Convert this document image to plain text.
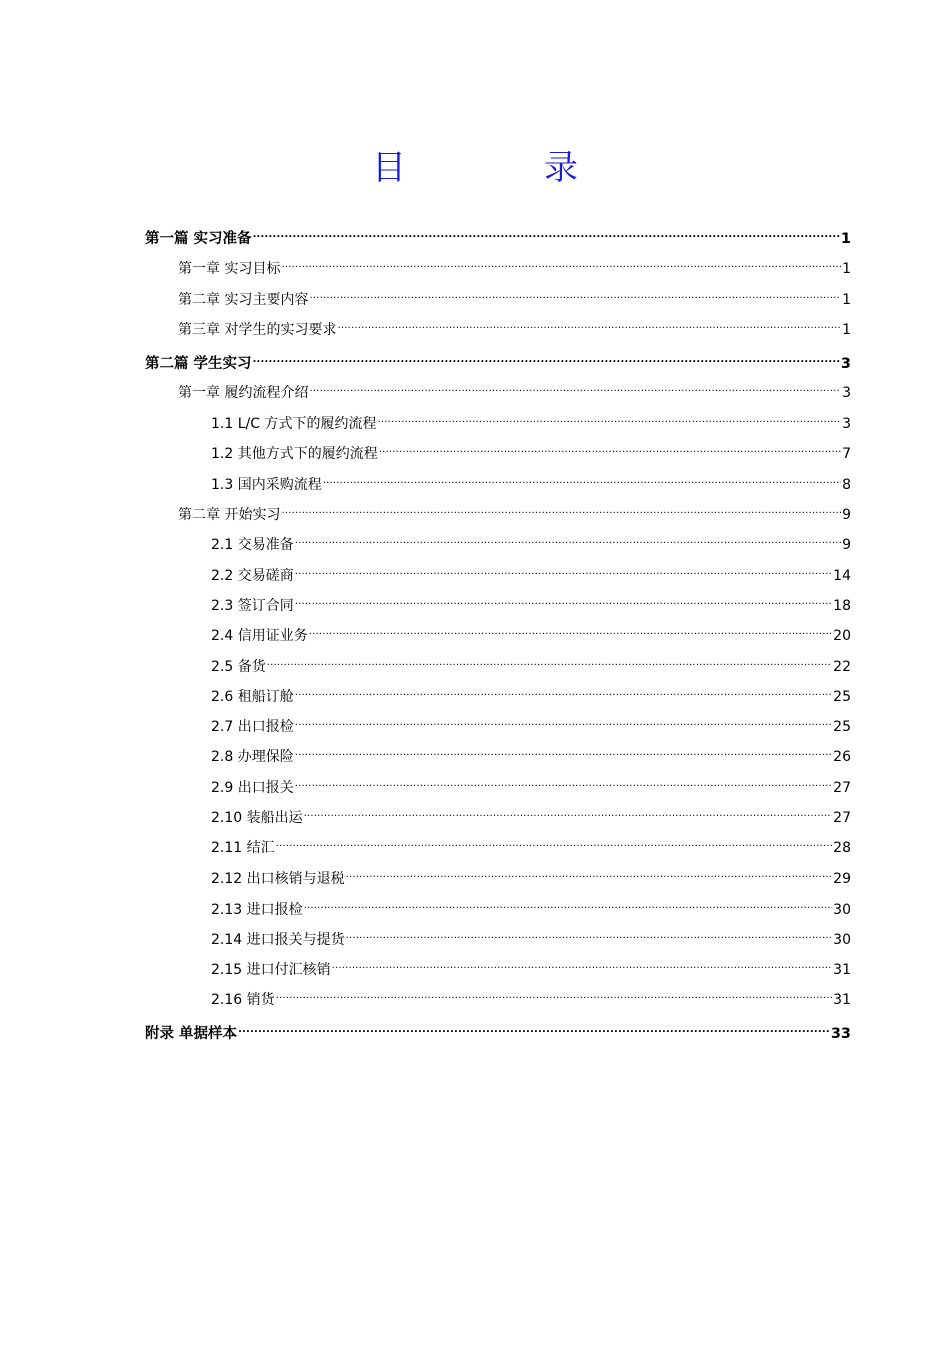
目　录
第一篇 实习准备 .....	1
第一章 实习目标 .....	1
第二章 实习主要内容 .....	1
第三章 对学生的实习要求 .....	1
第二篇 学生实习 .....	3
第一章 履约流程介绍 .....	3
1.1 L/C 方式下的履约流程 .....	3
1.2 其他方式下的履约流程 .....	7
1.3 国内采购流程 .....	8
第二章 开始实习 .....	9
2.1 交易准备 .....	9
2.2 交易磋商 .....	14
2.3 签订合同 .....	18
2.4 信用证业务 .....	20
2.5 备货 .....	22
2.6 租船订舱 .....	25
2.7 出口报检 .....	25
2.8 办理保险 .....	26
2.9 出口报关 .....	27
2.10 装船出运 .....	27
2.11 结汇 .....	28
2.12 出口核销与退税 .....	29
2.13 进口报检 .....	30
2.14 进口报关与提货 .....	30
2.15 进口付汇核销 .....	31
2.16 销货 .....	31
附录 单据样本 .....	33
